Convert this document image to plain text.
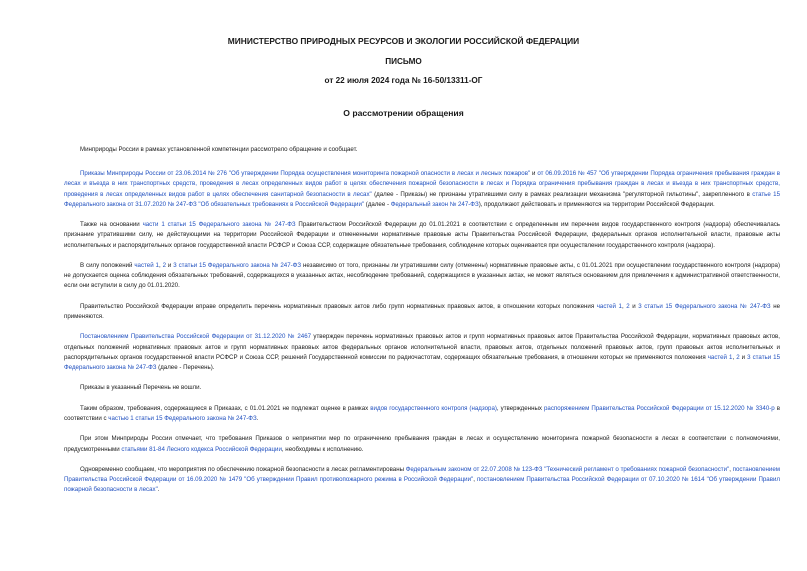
МИНИСТЕРСТВО ПРИРОДНЫХ РЕСУРСОВ И ЭКОЛОГИИ РОССИЙСКОЙ ФЕДЕРАЦИИ
ПИСЬМО
от 22 июля 2024 года № 16-50/13311-ОГ
О рассмотрении обращения

Минприроды России в рамках установленной компетенции рассмотрело обращение и сообщает.

Приказы Минприроды России от 23.06.2014 № 276 "Об утверждении Порядка осуществления мониторинга пожарной опасности в лесах и лесных пожаров" и от 06.09.2016 № 457 "Об утверждении Порядка ограничения пребывания граждан в лесах и въезда в них транспортных средств, проведения в лесах определенных видов работ в целях обеспечения пожарной безопасности в лесах и Порядка ограничения пребывания граждан в лесах и въезда в них транспортных средств, проведения в лесах определенных видов работ в целях обеспечения санитарной безопасности в лесах" (далее - Приказы) не признаны утратившими силу в рамках реализации механизма "регуляторной гильотины", закрепленного в статье 15 Федерального закона от 31.07.2020 № 247-ФЗ "Об обязательных требованиях в Российской Федерации" (далее - Федеральный закон № 247-ФЗ), продолжают действовать и применяются на территории Российской Федерации.

Также на основании части 1 статьи 15 Федерального закона № 247-ФЗ Правительством Российской Федерации до 01.01.2021 в соответствии с определенным им перечнем видов государственного контроля (надзора) обеспечивалась признание утратившими силу, не действующими на территории Российской Федерации и отмененными нормативные правовые акты Правительства Российской Федерации, федеральных органов исполнительной власти, правовые акты исполнительных и распорядительных органов государственной власти РСФСР и Союза ССР, содержащие обязательные требования, соблюдение которых оценивается при осуществлении государственного контроля (надзора).

В силу положений частей 1, 2 и 3 статьи 15 Федерального закона № 247-ФЗ независимо от того, признаны ли утратившими силу (отменены) нормативные правовые акты, с 01.01.2021 при осуществлении государственного контроля (надзора) не допускается оценка соблюдения обязательных требований, содержащихся в указанных актах, несоблюдение требований, содержащихся в указанных актах, не может являться основанием для привлечения к административной ответственности, если они вступили в силу до 01.01.2020.

Правительство Российской Федерации вправе определить перечень нормативных правовых актов либо групп нормативных правовых актов, в отношении которых положения частей 1, 2 и 3 статьи 15 Федерального закона № 247-ФЗ не применяются.

Постановлением Правительства Российской Федерации от 31.12.2020 № 2467 утвержден перечень нормативных правовых актов и групп нормативных правовых актов Правительства Российской Федерации, нормативных правовых актов, отдельных положений нормативных правовых актов и групп нормативных правовых актов федеральных органов исполнительной власти, правовых актов, отдельных положений правовых актов, групп правовых актов исполнительных и распорядительных органов государственной власти РСФСР и Союза ССР, решений Государственной комиссии по радиочастотам, содержащих обязательные требования, в отношении которых не применяются положения частей 1, 2 и 3 статьи 15 Федерального закона № 247-ФЗ (далее - Перечень).

Приказы в указанный Перечень не вошли.

Таким образом, требования, содержащиеся в Приказах, с 01.01.2021 не подлежат оценке в рамках видов государственного контроля (надзора), утвержденных распоряжением Правительства Российской Федерации от 15.12.2020 № 3340-р в соответствии с частью 1 статьи 15 Федерального закона № 247-ФЗ.

При этом Минприроды России отмечает, что требования Приказов о непринятии мер по ограничению пребывания граждан в лесах и осуществлению мониторинга пожарной безопасности в лесах в соответствии с полномочиями, предусмотренными статьями 81-84 Лесного кодекса Российской Федерации, необходимы к исполнению.

Одновременно сообщаем, что мероприятия по обеспечению пожарной безопасности в лесах регламентированы Федеральным законом от 22.07.2008 № 123-ФЗ "Технический регламент о требованиях пожарной безопасности", постановлением Правительства Российской Федерации от 16.09.2020 № 1479 "Об утверждении Правил противопожарного режима в Российской Федерации", постановлением Правительства Российской Федерации от 07.10.2020 № 1614 "Об утверждении Правил пожарной безопасности в лесах".
